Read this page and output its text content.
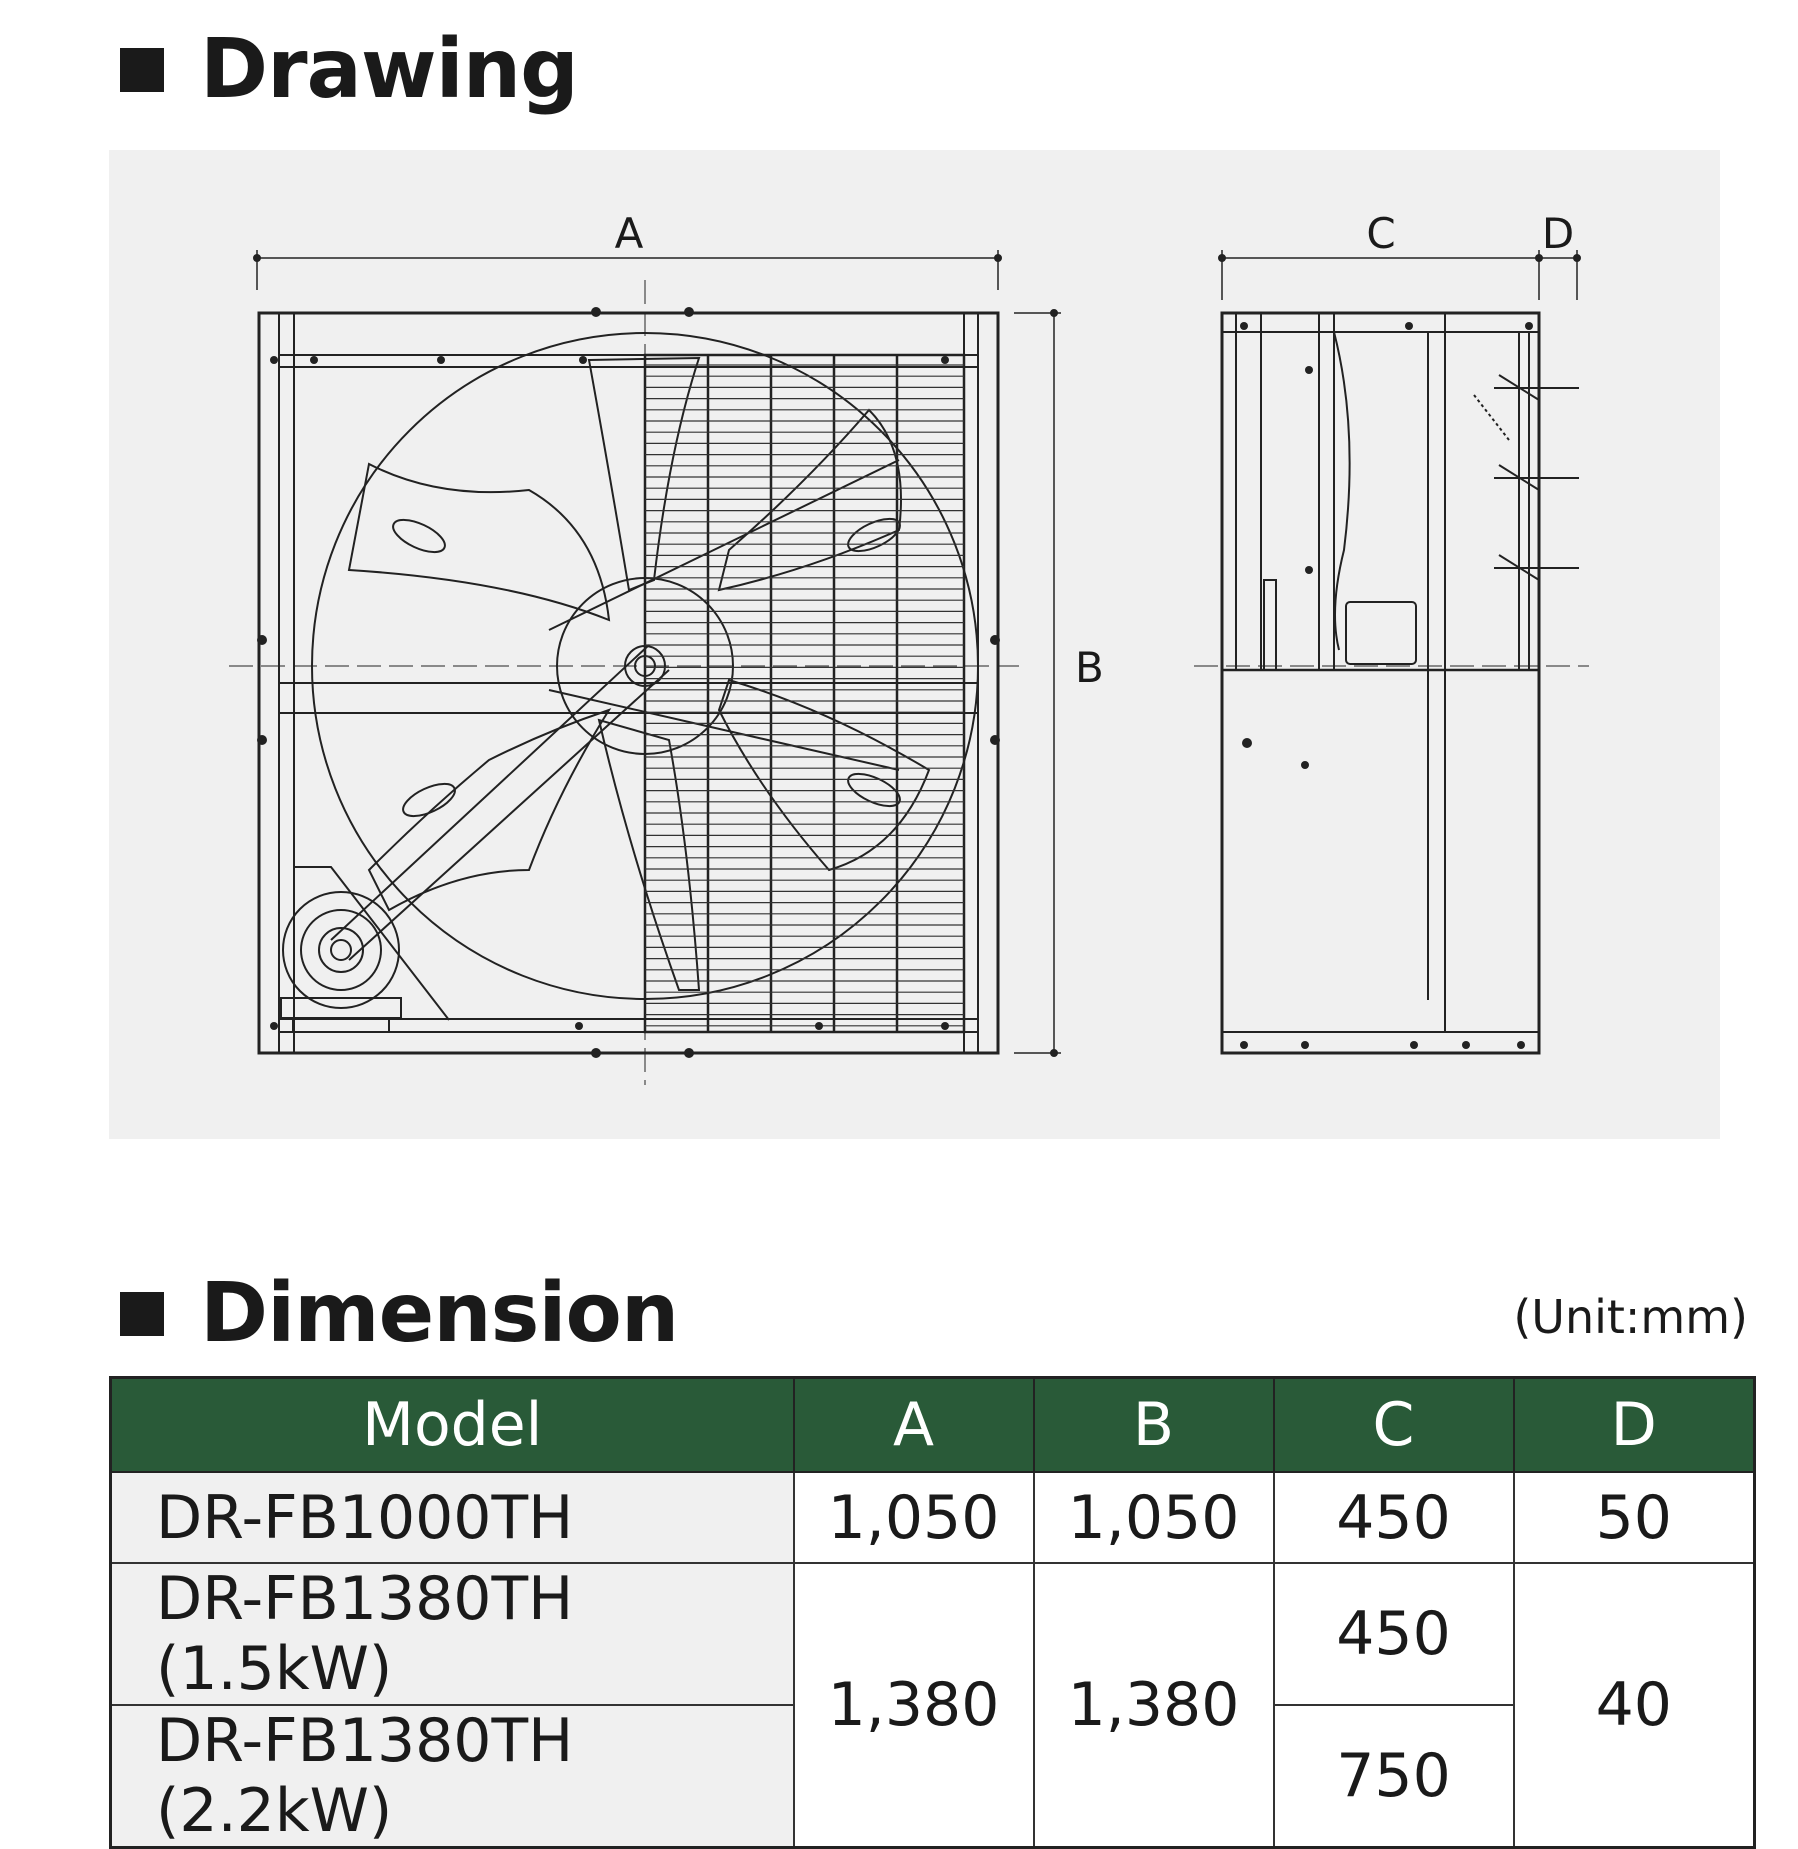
Drawing
A
B
C	D
Dimension	(Unit:mm)
Model	A	B	C	D
DR-FB1000TH	1,050	1,050	450	50
DR-FB1380TH (1.5kW)	1,380	1,380	450	40
DR-FB1380TH (2.2kW)			750	
